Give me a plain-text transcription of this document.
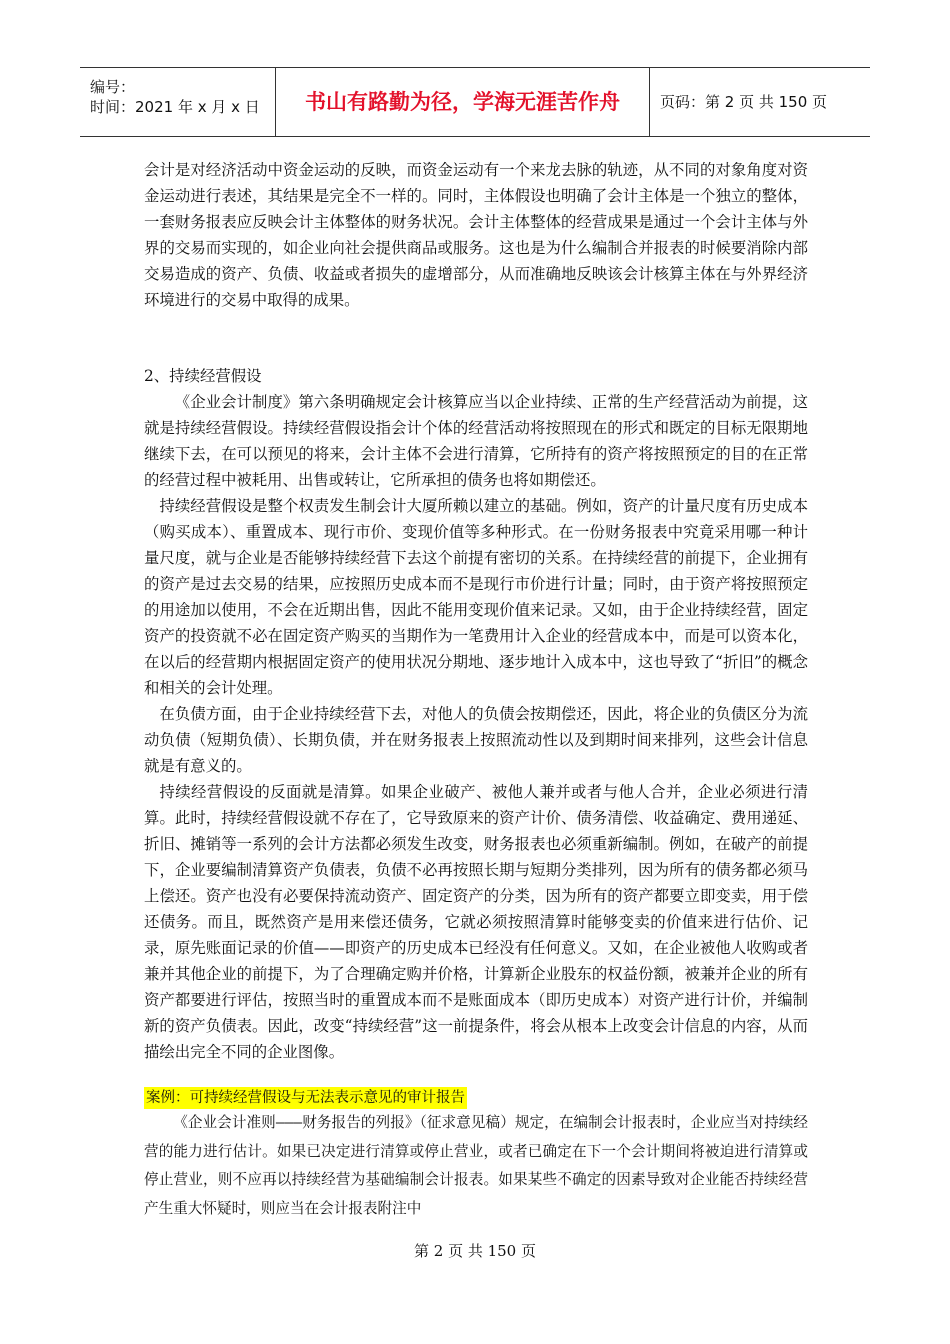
编号：
时间：2021 年 x 月 x 日	书山有路勤为径，学海无涯苦作舟	页码：第 2 页 共 150 页

会计是对经济活动中资金运动的反映，而资金运动有一个来龙去脉的轨迹，从不同的对象角度对资金运动进行表述，其结果是完全不一样的。同时，主体假设也明确了会计主体是一个独立的整体，一套财务报表应反映会计主体整体的财务状况。会计主体整体的经营成果是通过一个会计主体与外界的交易而实现的，如企业向社会提供商品或服务。这也是为什么编制合并报表的时候要消除内部交易造成的资产、负债、收益或者损失的虚增部分，从而准确地反映该会计核算主体在与外界经济环境进行的交易中取得的成果。

2、持续经营假设

《企业会计制度》第六条明确规定会计核算应当以企业持续、正常的生产经营活动为前提，这就是持续经营假设。持续经营假设指会计个体的经营活动将按照现在的形式和既定的目标无限期地继续下去，在可以预见的将来，会计主体不会进行清算，它所持有的资产将按照预定的目的在正常的经营过程中被耗用、出售或转让，它所承担的债务也将如期偿还。

持续经营假设是整个权责发生制会计大厦所赖以建立的基础。例如，资产的计量尺度有历史成本（购买成本）、重置成本、现行市价、变现价值等多种形式。在一份财务报表中究竟采用哪一种计量尺度，就与企业是否能够持续经营下去这个前提有密切的关系。在持续经营的前提下，企业拥有的资产是过去交易的结果，应按照历史成本而不是现行市价进行计量；同时，由于资产将按照预定的用途加以使用，不会在近期出售，因此不能用变现价值来记录。又如，由于企业持续经营，固定资产的投资就不必在固定资产购买的当期作为一笔费用计入企业的经营成本中，而是可以资本化，在以后的经营期内根据固定资产的使用状况分期地、逐步地计入成本中，这也导致了“折旧”的概念和相关的会计处理。

在负债方面，由于企业持续经营下去，对他人的负债会按期偿还，因此，将企业的负债区分为流动负债（短期负债）、长期负债，并在财务报表上按照流动性以及到期时间来排列，这些会计信息就是有意义的。

持续经营假设的反面就是清算。如果企业破产、被他人兼并或者与他人合并，企业必须进行清算。此时，持续经营假设就不存在了，它导致原来的资产计价、债务清偿、收益确定、费用递延、折旧、摊销等一系列的会计方法都必须发生改变，财务报表也必须重新编制。例如，在破产的前提下，企业要编制清算资产负债表，负债不必再按照长期与短期分类排列，因为所有的债务都必须马上偿还。资产也没有必要保持流动资产、固定资产的分类，因为所有的资产都要立即变卖，用于偿还债务。而且，既然资产是用来偿还债务，它就必须按照清算时能够变卖的价值来进行估价、记录，原先账面记录的价值——即资产的历史成本已经没有任何意义。又如，在企业被他人收购或者兼并其他企业的前提下，为了合理确定购并价格，计算新企业股东的权益份额，被兼并企业的所有资产都要进行评估，按照当时的重置成本而不是账面成本（即历史成本）对资产进行计价，并编制新的资产负债表。因此，改变“持续经营”这一前提条件，将会从根本上改变会计信息的内容，从而描绘出完全不同的企业图像。

案例：可持续经营假设与无法表示意见的审计报告

《企业会计准则———财务报告的列报》（征求意见稿）规定，在编制会计报表时，企业应当对持续经营的能力进行估计。如果已决定进行清算或停止营业，或者已确定在下一个会计期间将被迫进行清算或停止营业，则不应再以持续经营为基础编制会计报表。如果某些不确定的因素导致对企业能否持续经营产生重大怀疑时，则应当在会计报表附注中

第 2 页 共 150 页
